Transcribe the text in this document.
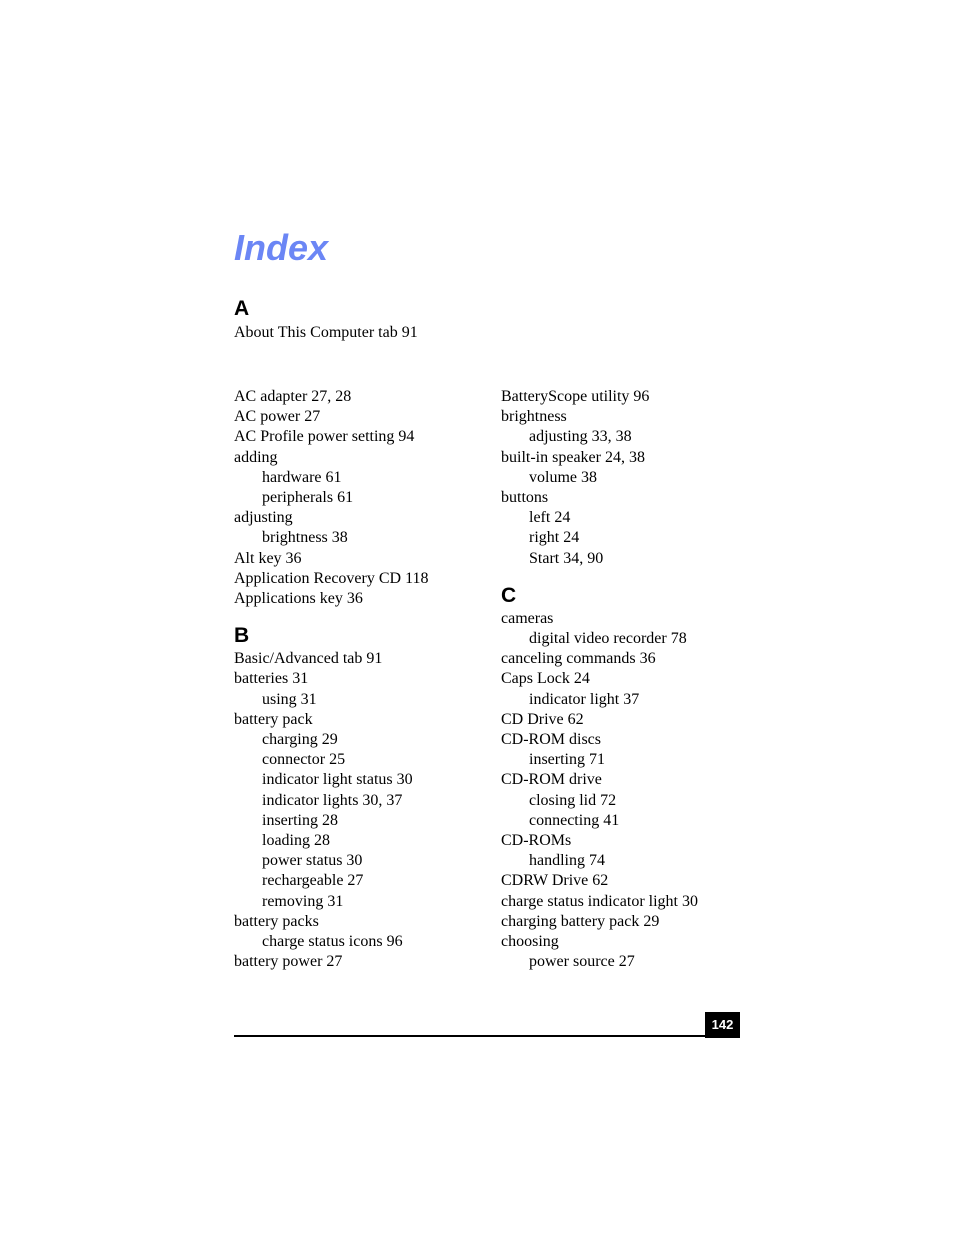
Index
A
About This Computer tab 91
AC adapter 27, 28
AC power 27
AC Profile power setting 94
adding
hardware 61
peripherals 61
adjusting
brightness 38
Alt key 36
Application Recovery CD 118
Applications key 36
B
Basic/Advanced tab 91
batteries 31
using 31
battery pack
charging 29
connector 25
indicator light status 30
indicator lights 30, 37
inserting 28
loading 28
power status 30
rechargeable 27
removing 31
battery packs
charge status icons 96
battery power 27
BatteryScope utility 96
brightness
adjusting 33, 38
built-in speaker 24, 38
volume 38
buttons
left 24
right 24
Start 34, 90
C
cameras
digital video recorder 78
canceling commands 36
Caps Lock 24
indicator light 37
CD Drive 62
CD-ROM discs
inserting 71
CD-ROM drive
closing lid 72
connecting 41
CD-ROMs
handling 74
CDRW Drive 62
charge status indicator light 30
charging battery pack 29
choosing
power source 27
142
